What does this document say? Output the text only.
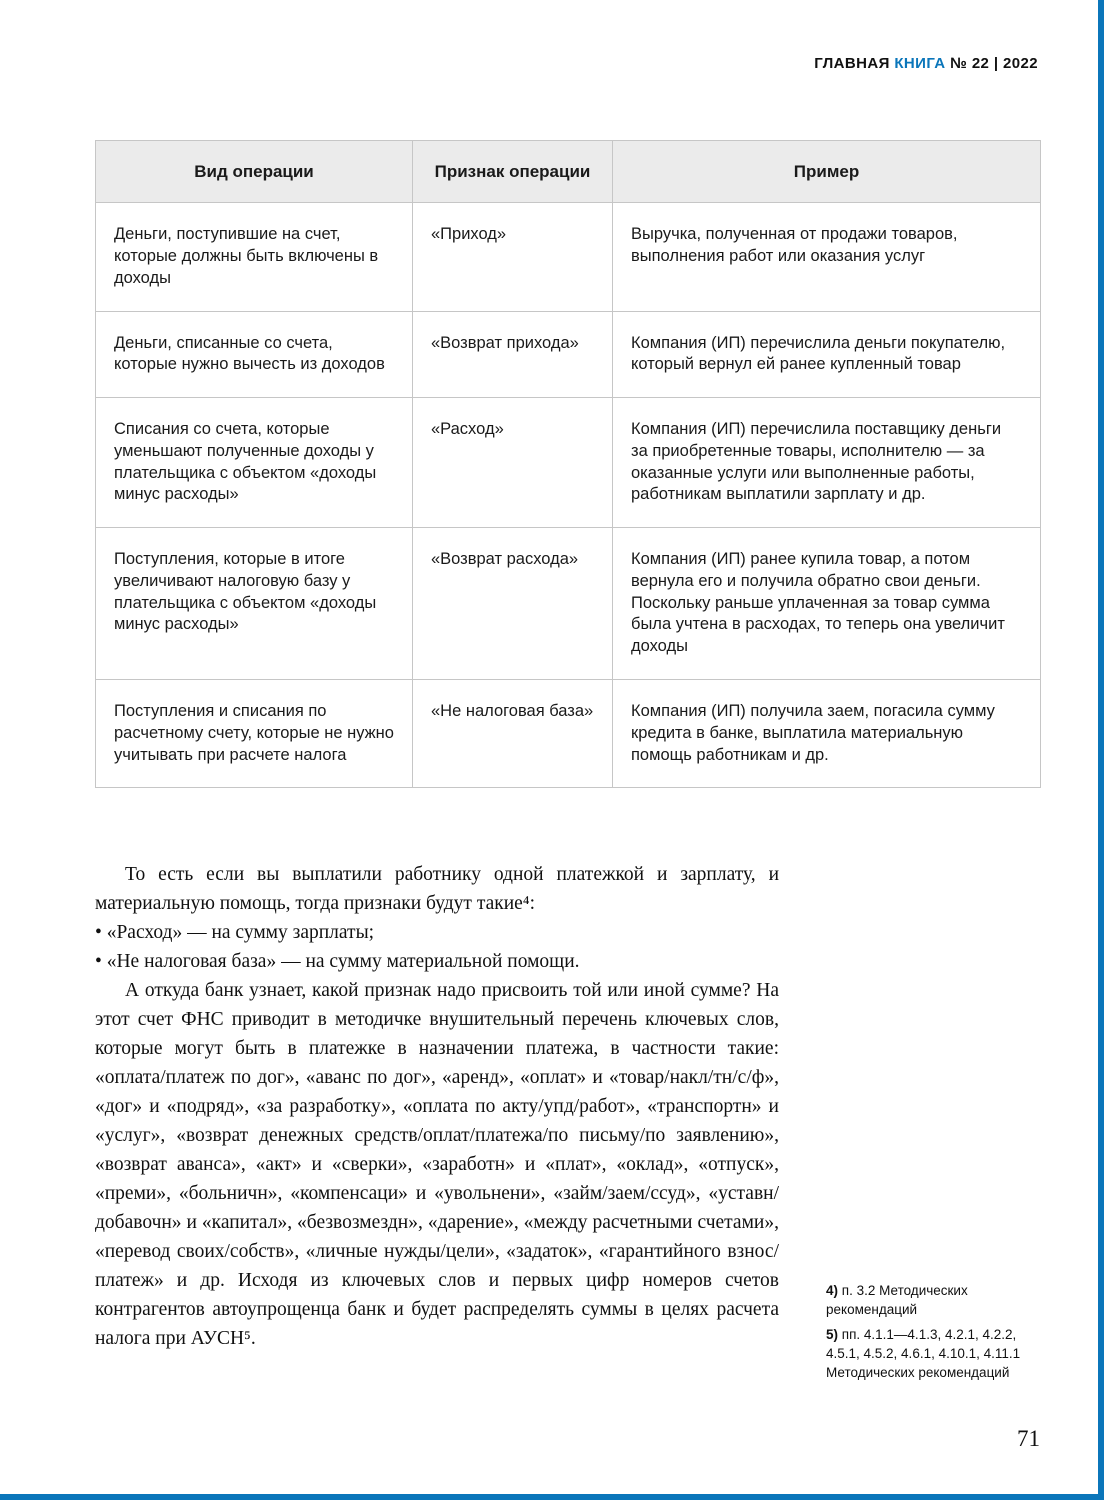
ГЛАВНАЯ КНИГА № 22 | 2022
Вид операции	Признак операции	Пример
Деньги, поступившие на счет, которые должны быть включены в доходы	«Приход»	Выручка, полученная от продажи товаров, выполнения работ или оказания услуг
Деньги, списанные со счета, которые нужно вычесть из доходов	«Возврат прихода»	Компания (ИП) перечислила деньги покупателю, который вернул ей ранее купленный товар
Списания со счета, которые уменьшают полученные доходы у плательщика с объектом «доходы минус расходы»	«Расход»	Компания (ИП) перечислила поставщику деньги за приобретенные товары, исполнителю — за оказанные услуги или выполненные работы, работникам выплатили зарплату и др.
Поступления, которые в итоге увеличивают налоговую базу у плательщика с объектом «доходы минус расходы»	«Возврат расхода»	Компания (ИП) ранее купила товар, а потом вернула его и получила обратно свои деньги. Поскольку раньше уплаченная за товар сумма была учтена в расходах, то теперь она увеличит доходы
Поступления и списания по расчетному счету, которые не нужно учитывать при расчете налога	«Не налоговая база»	Компания (ИП) получила заем, погасила сумму кредита в банке, выплатила материальную помощь работникам и др.

То есть если вы выплатили работнику одной платежкой и зарплату, и материальную помощь, тогда признаки будут такие⁴:

• «Расход» — на сумму зарплаты;
• «Не налоговая база» — на сумму материальной помощи.

А откуда банк узнает, какой признак надо присвоить той или иной сумме? На этот счет ФНС приводит в методичке внушительный перечень ключевых слов, которые могут быть в платежке в назначении платежа, в частности такие: «оплата/платеж по дог», «аванс по дог», «аренд», «оплат» и «товар/накл/тн/с/ф», «дог» и «подряд», «за разработку», «оплата по акту/упд/работ», «транспортн» и «услуг», «возврат денежных средств/оплат/платежа/по письму/по заявлению», «возврат аванса», «акт» и «сверки», «заработн» и «плат», «оклад», «отпуск», «преми», «больничн», «компенсаци» и «увольнени», «займ/заем/ссуд», «уставн/добавочн» и «капитал», «безвозмездн», «дарение», «между расчетными счетами», «перевод своих/собств», «личные нужды/цели», «задаток», «гарантийного взнос/платеж» и др. Исходя из ключевых слов и первых цифр номеров счетов контрагентов автоупрощенца банк и будет распределять суммы в целях расчета налога при АУСН⁵.

4) п. 3.2 Методических рекомендаций
5) пп. 4.1.1—4.1.3, 4.2.1, 4.2.2, 4.5.1, 4.5.2, 4.6.1, 4.10.1, 4.11.1 Методических рекомендаций
71
